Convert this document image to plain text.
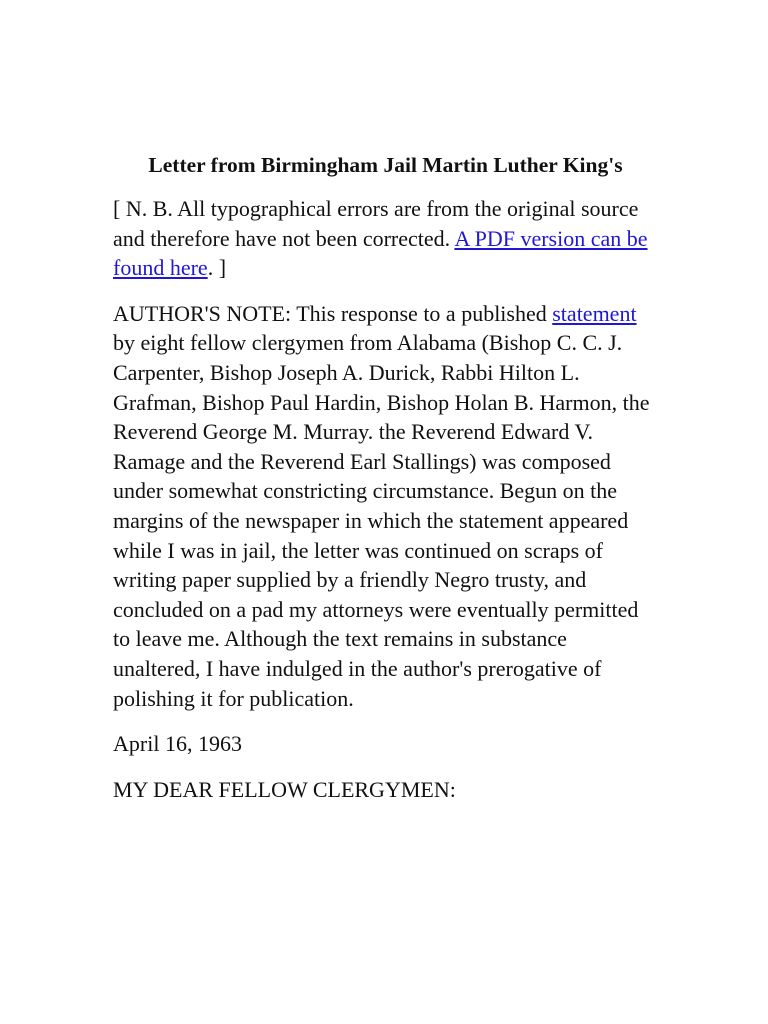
Letter from Birmingham Jail Martin Luther King's

[ N. B. All typographical errors are from the original source and therefore have not been corrected. A PDF version can be found here. ]

AUTHOR'S NOTE: This response to a published statement by eight fellow clergymen from Alabama (Bishop C. C. J. Carpenter, Bishop Joseph A. Durick, Rabbi Hilton L. Grafman, Bishop Paul Hardin, Bishop Holan B. Harmon, the Reverend George M. Murray. the Reverend Edward V. Ramage and the Reverend Earl Stallings) was composed under somewhat constricting circumstance. Begun on the margins of the newspaper in which the statement appeared while I was in jail, the letter was continued on scraps of writing paper supplied by a friendly Negro trusty, and concluded on a pad my attorneys were eventually permitted to leave me. Although the text remains in substance unaltered, I have indulged in the author's prerogative of polishing it for publication.

April 16, 1963

MY DEAR FELLOW CLERGYMEN:
